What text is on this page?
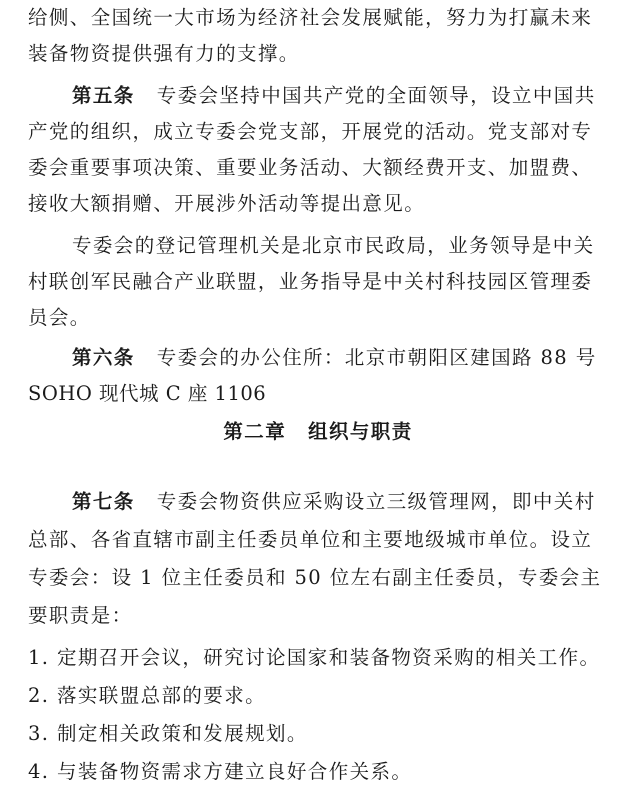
给侧、全国统一大市场为经济社会发展赋能，努力为打赢未来
装备物资提供强有力的支撑。
第五条 专委会坚持中国共产党的全面领导，设立中国共
产党的组织，成立专委会党支部，开展党的活动。党支部对专
委会重要事项决策、重要业务活动、大额经费开支、加盟费、
接收大额捐赠、开展涉外活动等提出意见。
专委会的登记管理机关是北京市民政局，业务领导是中关
村联创军民融合产业联盟，业务指导是中关村科技园区管理委
员会。
第六条 专委会的办公住所：北京市朝阳区建国路 88 号
SOHO 现代城 C 座 1106
第二章 组织与职责
第七条 专委会物资供应采购设立三级管理网，即中关村
总部、各省直辖市副主任委员单位和主要地级城市单位。设立
专委会：设 1 位主任委员和 50 位左右副主任委员，专委会主
要职责是：
1. 定期召开会议，研究讨论国家和装备物资采购的相关工作。
2. 落实联盟总部的要求。
3. 制定相关政策和发展规划。
4. 与装备物资需求方建立良好合作关系。
